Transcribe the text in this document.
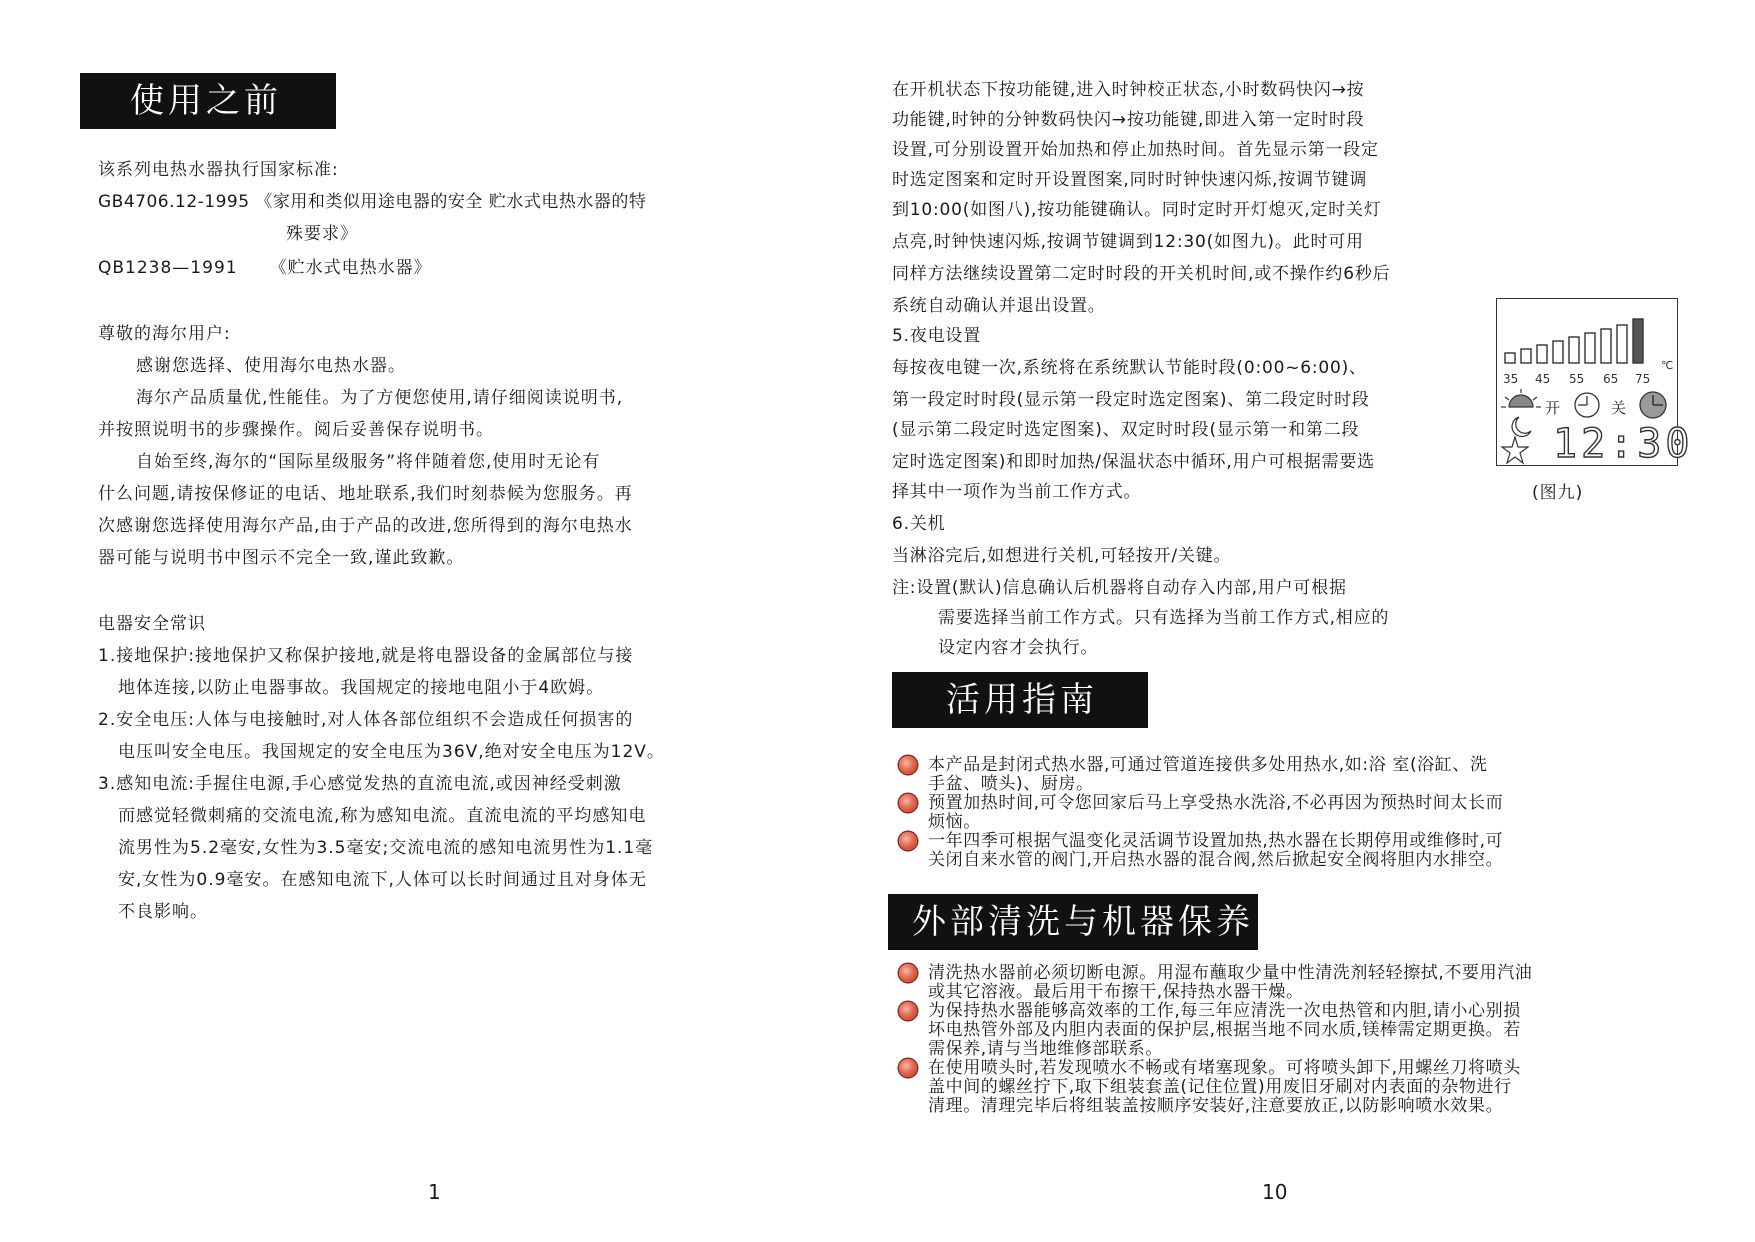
使用之前
该系列电热水器执行国家标准:
GB4706.12-1995 《家用和类似用途电器的安全 贮水式电热水器的特
殊要求》
QB1238—1991     《贮水式电热水器》
尊敬的海尔用户:
感谢您选择、使用海尔电热水器。
海尔产品质量优,性能佳。为了方便您使用,请仔细阅读说明书,
并按照说明书的步骤操作。阅后妥善保存说明书。
自始至终,海尔的“国际星级服务”将伴随着您,使用时无论有
什么问题,请按保修证的电话、地址联系,我们时刻恭候为您服务。再
次感谢您选择使用海尔产品,由于产品的改进,您所得到的海尔电热水
器可能与说明书中图示不完全一致,谨此致歉。
电器安全常识
1.接地保护:接地保护又称保护接地,就是将电器设备的金属部位与接
地体连接,以防止电器事故。我国规定的接地电阻小于4欧姆。
2.安全电压:人体与电接触时,对人体各部位组织不会造成任何损害的
电压叫安全电压。我国规定的安全电压为36V,绝对安全电压为12V。
3.感知电流:手握住电源,手心感觉发热的直流电流,或因神经受刺激
而感觉轻微刺痛的交流电流,称为感知电流。直流电流的平均感知电
流男性为5.2毫安,女性为3.5毫安;交流电流的感知电流男性为1.1毫
安,女性为0.9毫安。在感知电流下,人体可以长时间通过且对身体无
不良影响。
1
在开机状态下按功能键,进入时钟校正状态,小时数码快闪→按
功能键,时钟的分钟数码快闪→按功能键,即进入第一定时时段
设置,可分别设置开始加热和停止加热时间。首先显示第一段定
时选定图案和定时开设置图案,同时时钟快速闪烁,按调节键调
到10:00(如图八),按功能键确认。同时定时开灯熄灭,定时关灯
点亮,时钟快速闪烁,按调节键调到12:30(如图九)。此时可用
同样方法继续设置第二定时时段的开关机时间,或不操作约6秒后
系统自动确认并退出设置。
5.夜电设置
每按夜电键一次,系统将在系统默认节能时段(0:00~6:00)、
第一段定时时段(显示第一段定时选定图案)、第二段定时时段
(显示第二段定时选定图案)、双定时时段(显示第一和第二段
定时选定图案)和即时加热/保温状态中循环,用户可根据需要选
择其中一项作为当前工作方式。
6.关机
当淋浴完后,如想进行关机,可轻按开/关键。
注:设置(默认)信息确认后机器将自动存入内部,用户可根据
需要选择当前工作方式。只有选择为当前工作方式,相应的
设定内容才会执行。
℃
35 45 55 65 75
开	关
12:30
(图九)
活用指南
本产品是封闭式热水器,可通过管道连接供多处用热水,如:浴 室(浴缸、洗
手盆、喷头)、厨房。
预置加热时间,可令您回家后马上享受热水洗浴,不必再因为预热时间太长而
烦恼。
一年四季可根据气温变化灵活调节设置加热,热水器在长期停用或维修时,可
关闭自来水管的阀门,开启热水器的混合阀,然后掀起安全阀将胆内水排空。
外部清洗与机器保养
清洗热水器前必须切断电源。用湿布蘸取少量中性清洗剂轻轻擦拭,不要用汽油
或其它溶液。最后用干布擦干,保持热水器干燥。
为保持热水器能够高效率的工作,每三年应清洗一次电热管和内胆,请小心别损
坏电热管外部及内胆内表面的保护层,根据当地不同水质,镁棒需定期更换。若
需保养,请与当地维修部联系。
在使用喷头时,若发现喷水不畅或有堵塞现象。可将喷头卸下,用螺丝刀将喷头
盖中间的螺丝拧下,取下组装套盖(记住位置)用废旧牙刷对内表面的杂物进行
清理。清理完毕后将组装盖按顺序安装好,注意要放正,以防影响喷水效果。
10
